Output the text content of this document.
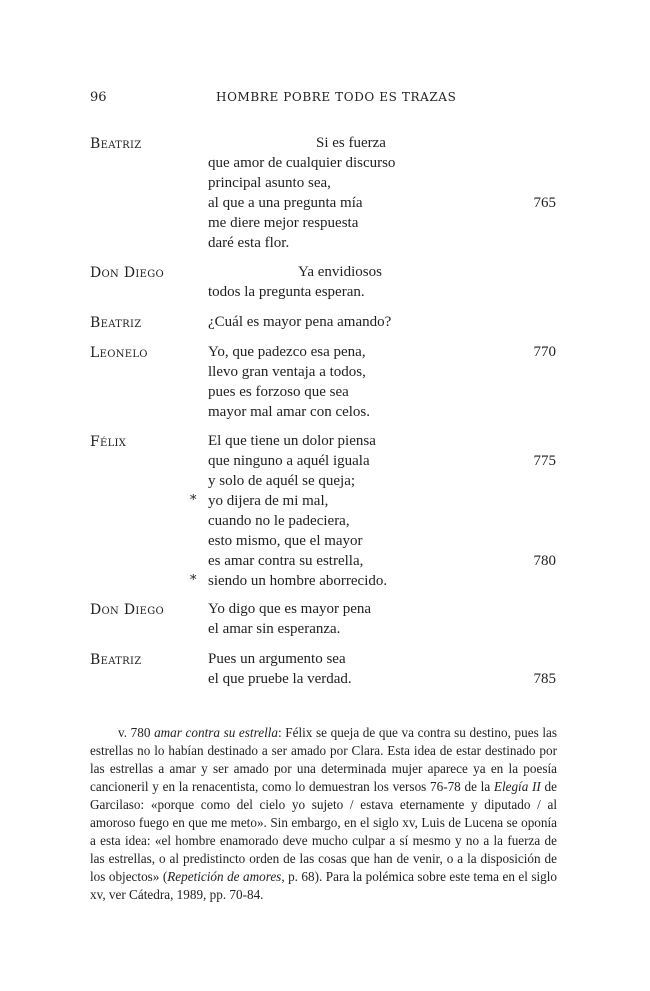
96	HOMBRE POBRE TODO ES TRAZAS
Beatriz	Si es fuerza
que amor de cualquier discurso
principal asunto sea,
al que a una pregunta mía	765
me diere mejor respuesta
daré esta flor.
Don Diego	Ya envidiosos
todos la pregunta esperan.
Beatriz	¿Cuál es mayor pena amando?
Leonelo	Yo, que padezco esa pena,	770
llevo gran ventaja a todos,
pues es forzoso que sea
mayor mal amar con celos.
Félix	El que tiene un dolor piensa
que ninguno a aquél iguala	775
y solo de aquél se queja;
* yo dijera de mi mal,
cuando no le padeciera,
esto mismo, que el mayor
es amar contra su estrella,	780
* siendo un hombre aborrecido.
Don Diego	Yo digo que es mayor pena
el amar sin esperanza.
Beatriz	Pues un argumento sea
el que pruebe la verdad.	785
v. 780 amar contra su estrella: Félix se queja de que va contra su destino, pues las estrellas no lo habían destinado a ser amado por Clara. Esta idea de estar destinado por las estrellas a amar y ser amado por una determinada mujer aparece ya en la poesía cancioneril y en la renacentista, como lo demuestran los versos 76-78 de la Elegía II de Garcilaso: «porque como del cielo yo sujeto / estava eternamente y diputado / al amoroso fuego en que me meto». Sin embargo, en el siglo xv, Luis de Lucena se oponía a esta idea: «el hombre enamorado deve mucho culpar a sí mesmo y no a la fuerza de las estrellas, o al predistincto orden de las cosas que han de venir, o a la disposición de los objectos» (Repetición de amores, p. 68). Para la polémica sobre este tema en el siglo xv, ver Cátedra, 1989, pp. 70-84.
